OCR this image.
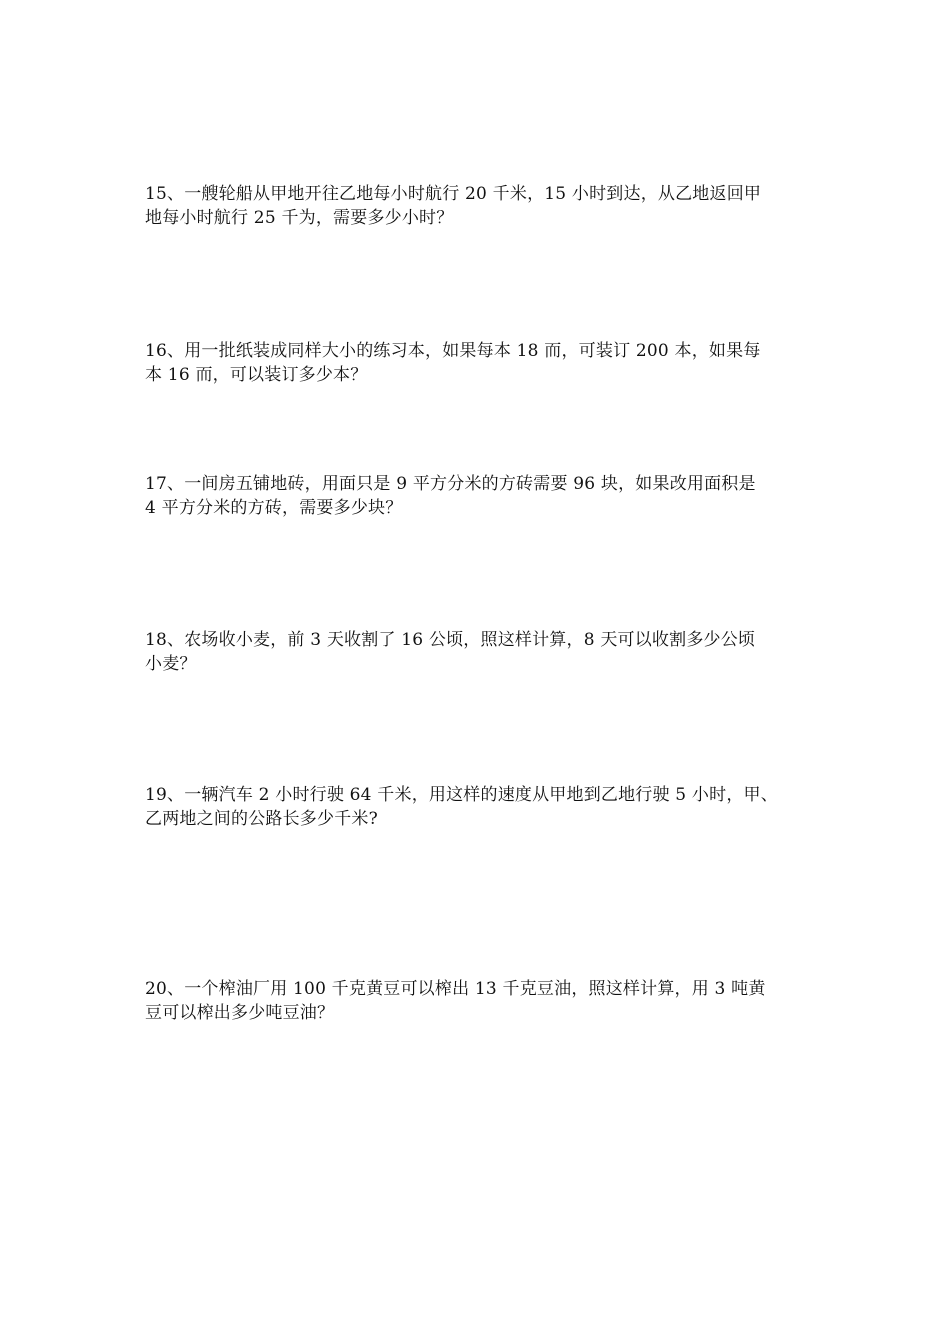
15、一艘轮船从甲地开往乙地每小时航行 20 千米，15 小时到达，从乙地返回甲
地每小时航行 25 千为，需要多少小时？
16、用一批纸装成同样大小的练习本，如果每本 18 而，可装订 200 本，如果每
本 16 而，可以装订多少本？
17、一间房五铺地砖，用面只是 9 平方分米的方砖需要 96 块，如果改用面积是
4 平方分米的方砖，需要多少块？
18、农场收小麦，前 3 天收割了 16 公顷，照这样计算，8 天可以收割多少公顷
小麦？
19、一辆汽车 2 小时行驶 64 千米，用这样的速度从甲地到乙地行驶 5 小时，甲、
乙两地之间的公路长多少千米?
20、一个榨油厂用 100 千克黄豆可以榨出 13 千克豆油，照这样计算，用 3 吨黄
豆可以榨出多少吨豆油？
